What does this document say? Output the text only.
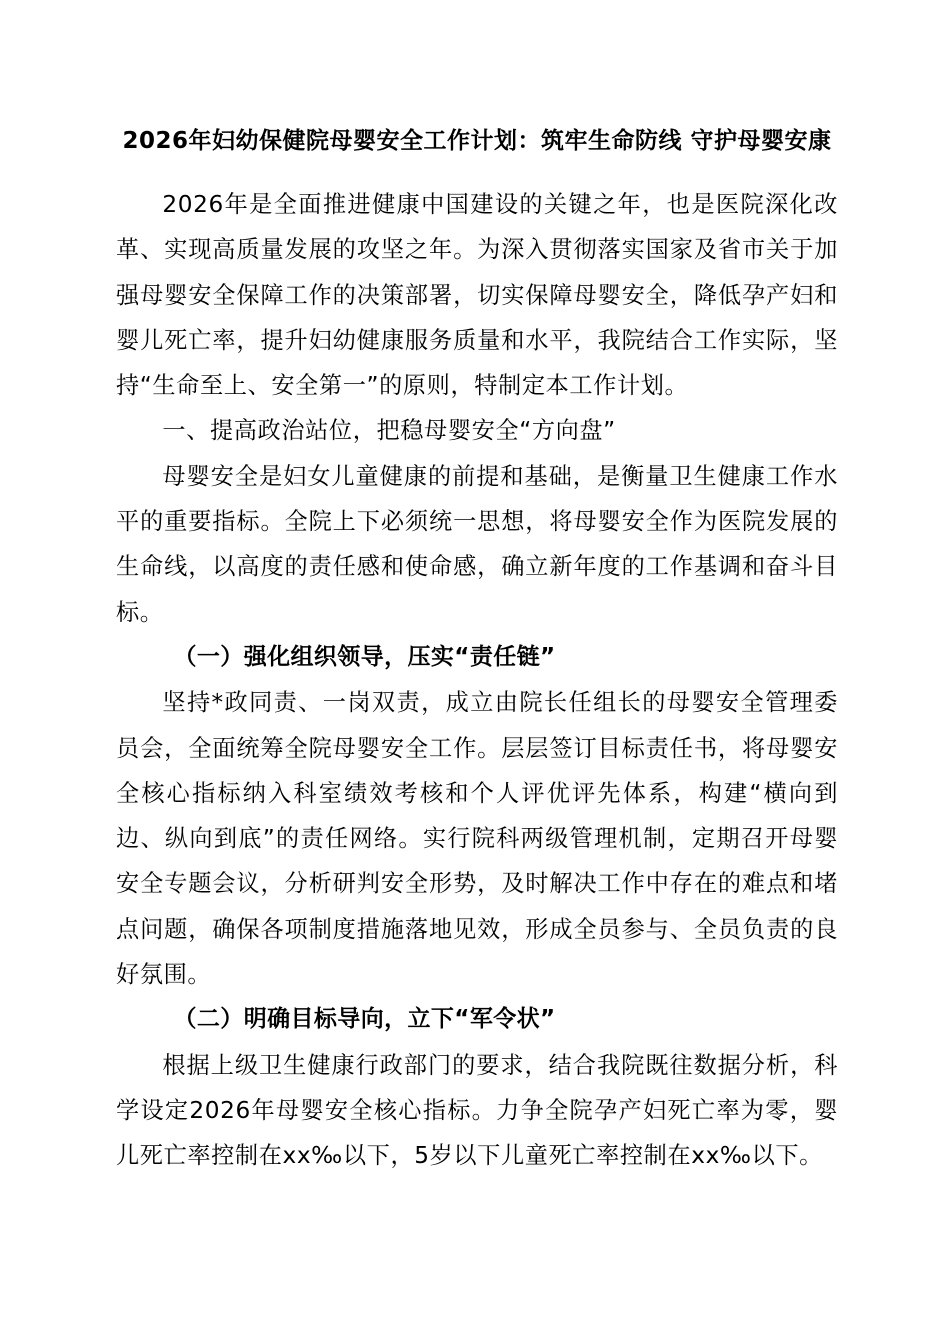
2026年妇幼保健院母婴安全工作计划：筑牢生命防线 守护母婴安康

2026年是全面推进健康中国建设的关键之年，也是医院深化改革、实现高质量发展的攻坚之年。为深入贯彻落实国家及省市关于加强母婴安全保障工作的决策部署，切实保障母婴安全，降低孕产妇和婴儿死亡率，提升妇幼健康服务质量和水平，我院结合工作实际，坚持“生命至上、安全第一”的原则，特制定本工作计划。

一、提高政治站位，把稳母婴安全“方向盘”

母婴安全是妇女儿童健康的前提和基础，是衡量卫生健康工作水平的重要指标。全院上下必须统一思想，将母婴安全作为医院发展的生命线，以高度的责任感和使命感，确立新年度的工作基调和奋斗目标。

（一）强化组织领导，压实“责任链”

坚持*政同责、一岗双责，成立由院长任组长的母婴安全管理委员会，全面统筹全院母婴安全工作。层层签订目标责任书，将母婴安全核心指标纳入科室绩效考核和个人评优评先体系，构建“横向到边、纵向到底”的责任网络。实行院科两级管理机制，定期召开母婴安全专题会议，分析研判安全形势，及时解决工作中存在的难点和堵点问题，确保各项制度措施落地见效，形成全员参与、全员负责的良好氛围。

（二）明确目标导向，立下“军令状”

根据上级卫生健康行政部门的要求，结合我院既往数据分析，科学设定2026年母婴安全核心指标。力争全院孕产妇死亡率为零，婴儿死亡率控制在xx‰以下，5岁以下儿童死亡率控制在xx‰以下。
